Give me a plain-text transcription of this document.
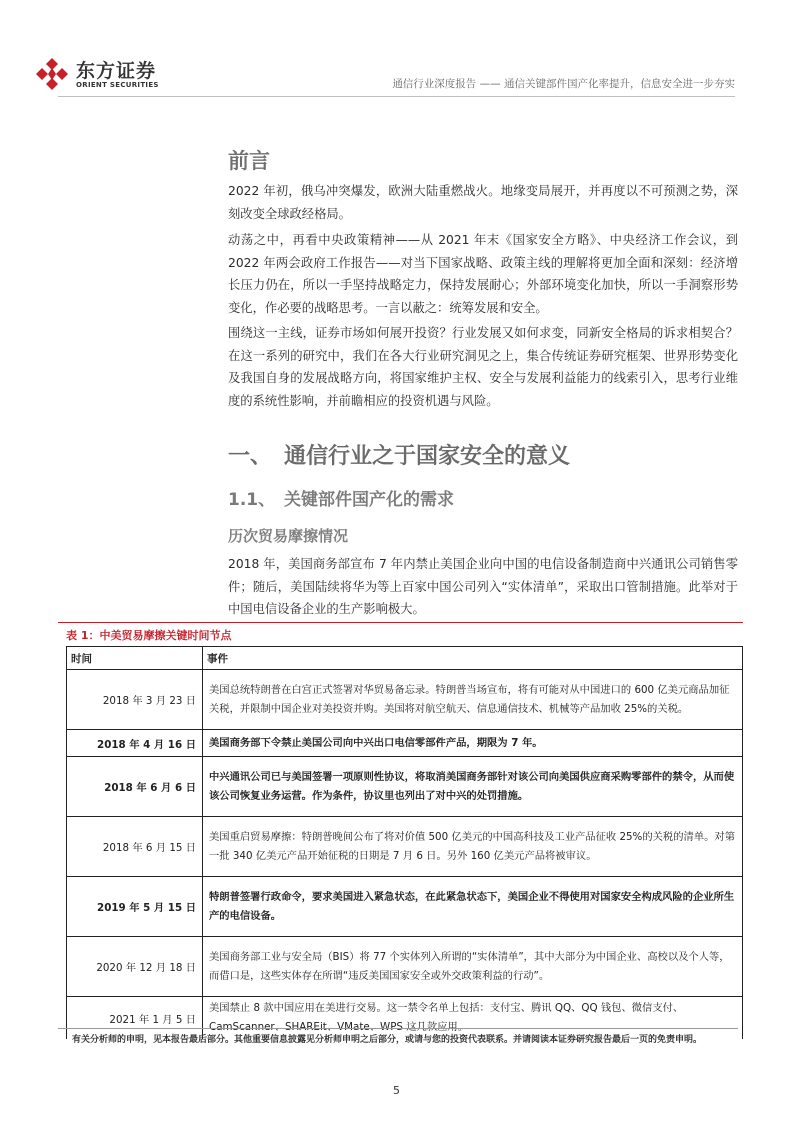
东方证券
ORIENT SECURITIES	通信行业深度报告 —— 通信关键部件国产化率提升，信息安全进一步夯实
前言
2022 年初，俄乌冲突爆发，欧洲大陆重燃战火。地缘变局展开，并再度以不可预测之势，深刻改变全球政经格局。
动荡之中，再看中央政策精神——从 2021 年末《国家安全方略》、中央经济工作会议，到 2022 年两会政府工作报告——对当下国家战略、政策主线的理解将更加全面和深刻：经济增长压力仍在，所以一手坚持战略定力，保持发展耐心；外部环境变化加快，所以一手洞察形势变化，作必要的战略思考。一言以蔽之：统筹发展和安全。
围绕这一主线，证券市场如何展开投资？行业发展又如何求变，同新安全格局的诉求相契合？在这一系列的研究中，我们在各大行业研究洞见之上，集合传统证券研究框架、世界形势变化及我国自身的发展战略方向，将国家维护主权、安全与发展利益能力的线索引入，思考行业维度的系统性影响，并前瞻相应的投资机遇与风险。
一、 通信行业之于国家安全的意义
1.1、 关键部件国产化的需求
历次贸易摩擦情况
2018 年，美国商务部宣布 7 年内禁止美国企业向中国的电信设备制造商中兴通讯公司销售零件；随后，美国陆续将华为等上百家中国公司列入“实体清单”，采取出口管制措施。此举对于中国电信设备企业的生产影响极大。
表 1：中美贸易摩擦关键时间节点
时间	事件
2018 年 3 月 23 日	美国总统特朗普在白宫正式签署对华贸易备忘录。特朗普当场宣布，将有可能对从中国进口的 600 亿美元商品加征关税，并限制中国企业对美投资并购。美国将对航空航天、信息通信技术、机械等产品加收 25%的关税。
2018 年 4 月 16 日	美国商务部下令禁止美国公司向中兴出口电信零部件产品，期限为 7 年。
2018 年 6 月 6 日	中兴通讯公司已与美国签署一项原则性协议，将取消美国商务部针对该公司向美国供应商采购零部件的禁令，从而使该公司恢复业务运营。作为条件，协议里也列出了对中兴的处罚措施。
2018 年 6 月 15 日	美国重启贸易摩擦：特朗普晚间公布了将对价值 500 亿美元的中国高科技及工业产品征收 25%的关税的清单。对第一批 340 亿美元产品开始征税的日期是 7 月 6 日。另外 160 亿美元产品将被审议。
2019 年 5 月 15 日	特朗普签署行政命令，要求美国进入紧急状态，在此紧急状态下，美国企业不得使用对国家安全构成风险的企业所生产的电信设备。
2020 年 12 月 18 日	美国商务部工业与安全局（BIS）将 77 个实体列入所谓的“实体清单”，其中大部分为中国企业、高校以及个人等，而借口是，这些实体存在所谓“违反美国国家安全或外交政策利益的行动”。
2021 年 1 月 5 日	美国禁止 8 款中国应用在美进行交易。这一禁令名单上包括：支付宝、腾讯 QQ、QQ 钱包、微信支付、CamScanner、SHAREit、VMate、WPS 这几款应用。
有关分析师的申明，见本报告最后部分。其他重要信息披露见分析师申明之后部分，或请与您的投资代表联系。并请阅读本证券研究报告最后一页的免责申明。
5
